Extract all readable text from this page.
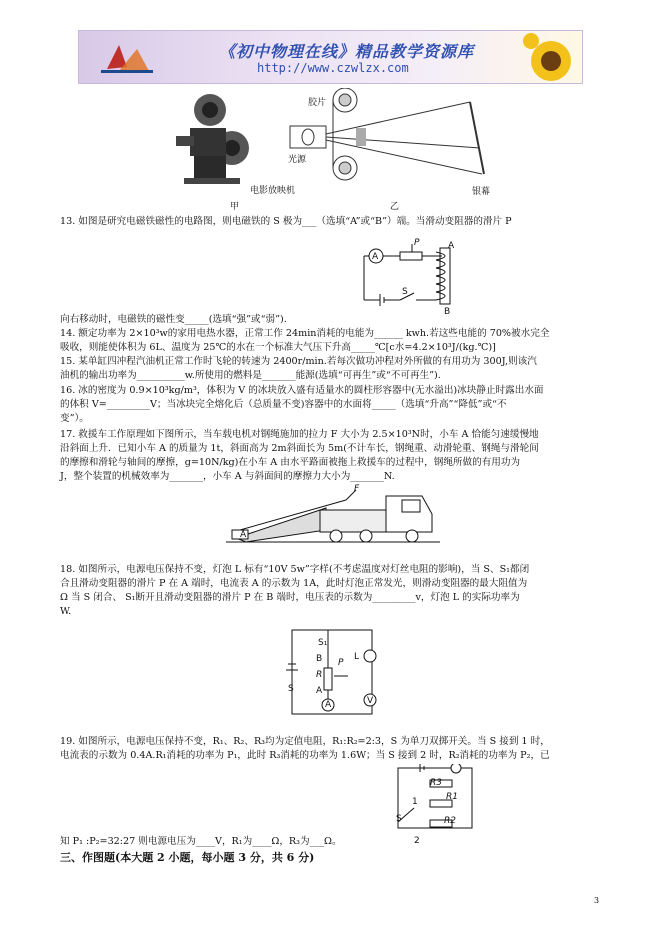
《初中物理在线》精品教学资源库
http://www.czwlzx.com
胶片
光源
电影放映机	银幕
甲	乙
13. 如图是研究电磁铁磁性的电路图，则电磁铁的 S 极为___（选填“A”或“B”）端。当滑动变阻器的滑片 P
A
P	A
S
B
向右移动时，电磁铁的磁性变_____(选填“强”或“弱”).
14. 额定功率为 2×10³w的家用电热水器，正常工作 24min消耗的电能为______ kwh.若这些电能的 70%被水完全
吸收，则能使体积为 6L、温度为 25℃的水在一个标准大气压下升高_____℃[c水=4.2×10³J/(kg.℃)]
15. 某单缸四冲程汽油机正常工作时飞轮的转速为 2400r/min.若每次做功冲程对外所做的有用功为 300J,则该汽
油机的输出功率为__________w.所使用的燃料是_______能源(选填“可再生”或“不可再生”).
16. 冰的密度为 0.9×10³kg/m³，体积为 V 的冰块放入盛有适量水的圆柱形容器中(无水溢出)冰块静止时露出水面
的体积 V=_________V；当冰块完全熔化后（总质量不变)容器中的水面将_____（选填“升高”“降低”或“不
变”）。
17. 救援车工作原理如下图所示，当车载电机对钢绳施加的拉力 F 大小为 2.5×10³N时，小车 A 恰能匀速缓慢地
沿斜面上升．已知小车 A 的质量为 1t，斜面高为 2m斜面长为 5m(不计车长，钢绳重、动滑轮重、钢绳与滑轮间
的摩擦和滑轮与轴间的摩擦，g=10N/kg)在小车 A 由水平路面被拖上救援车的过程中，钢绳所做的有用功为
J，整个装置的机械效率为_______，小车 A 与斜面间的摩擦力大小为_______N.
F
A
18. 如图所示，电源电压保持不变，灯泡 L 标有“10V 5w”字样(不考虑温度对灯丝电阻的影响)，当 S、S₁都闭
合且滑动变阻器的滑片 P 在 A 端时，电流表 A 的示数为 1A，此时灯泡正常发光，则滑动变阻器的最大阻值为
Ω 当 S 闭合、 S₁断开且滑动变阻器的滑片 P 在 B 端时，电压表的示数为_________v，灯泡 L 的实际功率为
W.
S₁
B P
R
L
S A
A	V
19. 如图所示，电源电压保持不变，R₁、R₂、R₃均为定值电阻，R₁:R₂=2:3，S 为单刀双掷开关。当 S 接到 1 时，
电流表的示数为 0.4A.R₁消耗的功率为 P₁，此时 R₃消耗的功率为 1.6W；当 S 接到 2 时，R₂消耗的功率为 P₂，已
R3
1	R1
S	R2
2
知 P₁ :P₂=32:27 则电源电压为____V，R₁为____Ω，R₃为___Ω。
三、作图题(本大题 2 小题，每小题 3 分，共 6 分)
3
